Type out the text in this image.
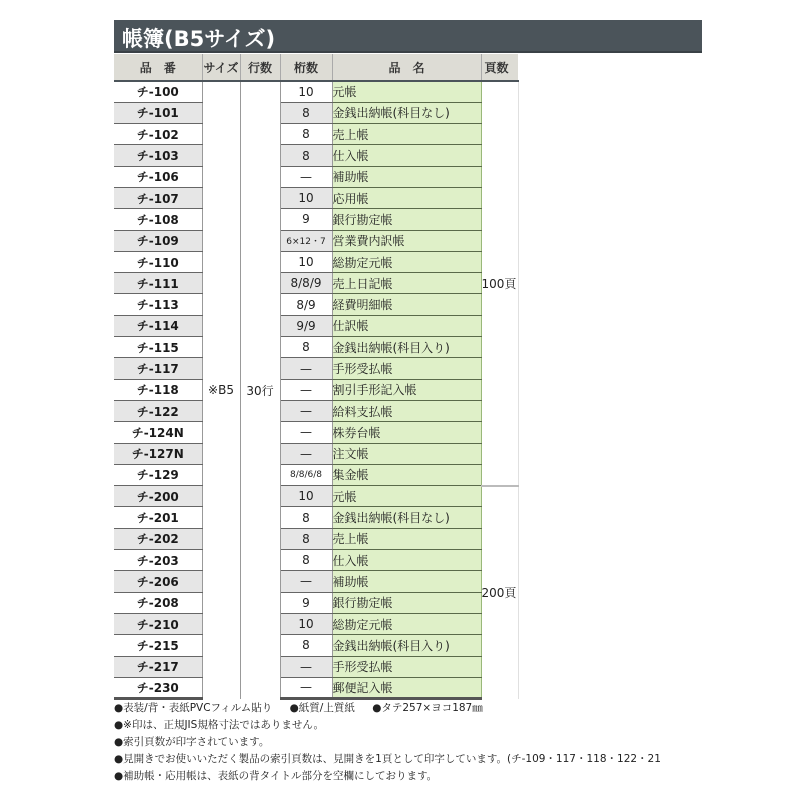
帳簿(B5サイズ)
品　番	サイズ	行数	桁数	品　名	頁数
チ-100	※B5	30行	10	元帳	100頁
チ-101			8	金銭出納帳(科目なし)	
チ-102			8	売上帳	
チ-103			8	仕入帳	
チ-106			—	補助帳	
チ-107			10	応用帳	
チ-108			9	銀行勘定帳	
チ-109			6×12・7	営業費内訳帳	
チ-110			10	総勘定元帳	
チ-111			8/8/9	売上日記帳	
チ-113			8/9	経費明細帳	
チ-114			9/9	仕訳帳	
チ-115			8	金銭出納帳(科目入り)	
チ-117			—	手形受払帳	
チ-118			—	割引手形記入帳	
チ-122			—	給料支払帳	
チ-124N			—	株券台帳	
チ-127N			—	注文帳	
チ-129			8/8/6/8	集金帳	
チ-200			10	元帳	200頁
チ-201			8	金銭出納帳(科目なし)	
チ-202			8	売上帳	
チ-203			8	仕入帳	
チ-206			—	補助帳	
チ-208			9	銀行勘定帳	
チ-210			10	総勘定元帳	
チ-215			8	金銭出納帳(科目入り)	
チ-217			—	手形受払帳	
チ-230			—	郵便記入帳	
●表装/背・表紙PVCフィルム貼り ●紙質/上質紙 ●タテ257×ヨコ187㎜
●※印は、正規JIS規格寸法ではありません。
●索引頁数が印字されています。
●見開きでお使いいただく製品の索引頁数は、見開きを1頁として印字しています。(チ-109・117・118・122・21
●補助帳・応用帳は、表紙の背タイトル部分を空欄にしております。
